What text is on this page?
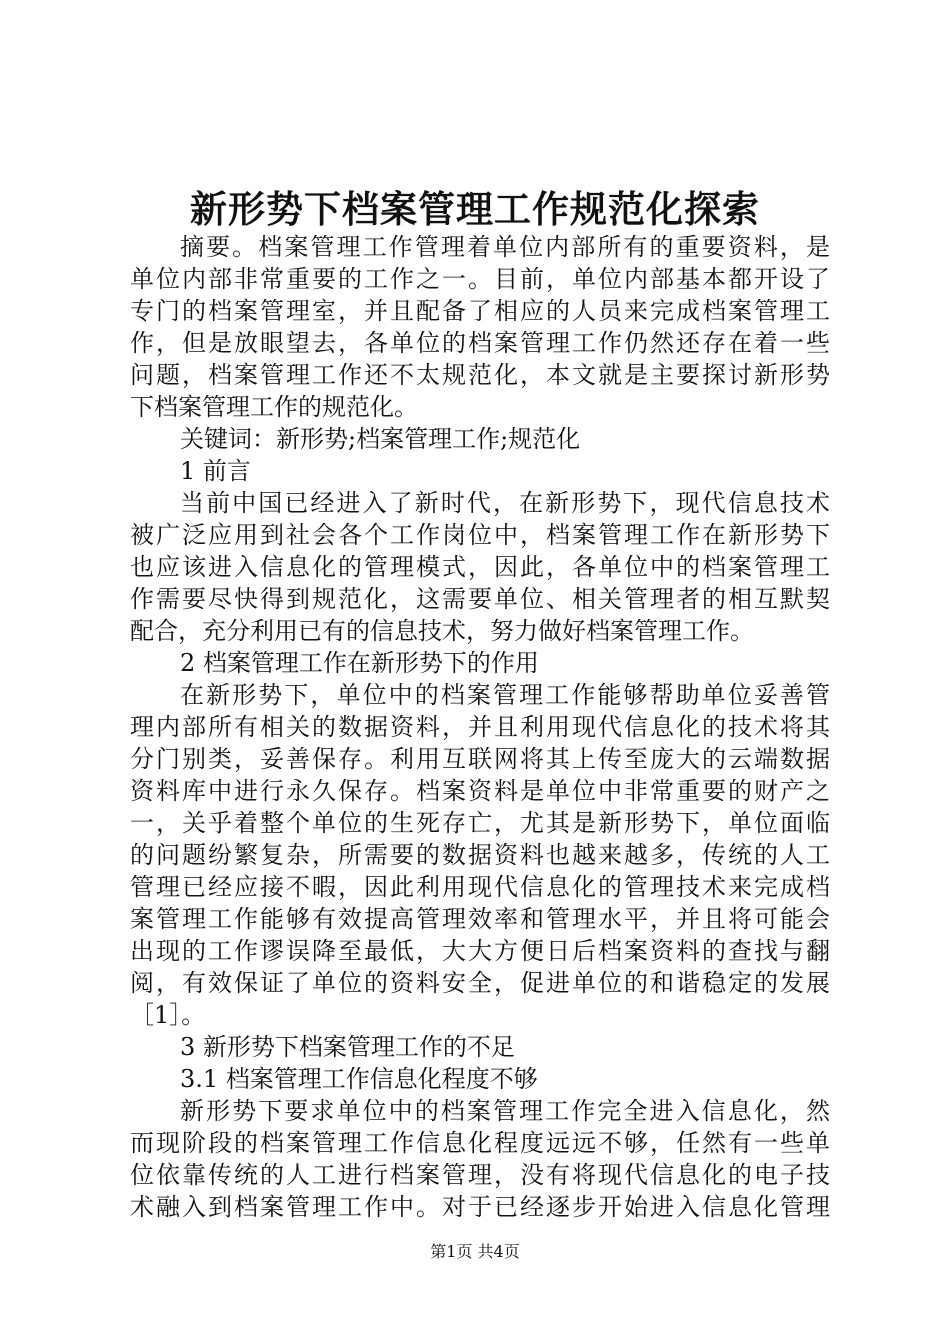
新形势下档案管理工作规范化探索
摘要。档案管理工作管理着单位内部所有的重要资料，是
单位内部非常重要的工作之一。目前，单位内部基本都开设了
专门的档案管理室，并且配备了相应的人员来完成档案管理工
作，但是放眼望去，各单位的档案管理工作仍然还存在着一些
问题，档案管理工作还不太规范化，本文就是主要探讨新形势
下档案管理工作的规范化。
关键词：新形势;档案管理工作;规范化
1 前言
当前中国已经进入了新时代，在新形势下，现代信息技术
被广泛应用到社会各个工作岗位中，档案管理工作在新形势下
也应该进入信息化的管理模式，因此，各单位中的档案管理工
作需要尽快得到规范化，这需要单位、相关管理者的相互默契
配合，充分利用已有的信息技术，努力做好档案管理工作。
2 档案管理工作在新形势下的作用
在新形势下，单位中的档案管理工作能够帮助单位妥善管
理内部所有相关的数据资料，并且利用现代信息化的技术将其
分门别类，妥善保存。利用互联网将其上传至庞大的云端数据
资料库中进行永久保存。档案资料是单位中非常重要的财产之
一，关乎着整个单位的生死存亡，尤其是新形势下，单位面临
的问题纷繁复杂，所需要的数据资料也越来越多，传统的人工
管理已经应接不暇，因此利用现代信息化的管理技术来完成档
案管理工作能够有效提高管理效率和管理水平，并且将可能会
出现的工作谬误降至最低，大大方便日后档案资料的查找与翻
阅，有效保证了单位的资料安全，促进单位的和谐稳定的发展
［1］。
3 新形势下档案管理工作的不足
3.1 档案管理工作信息化程度不够
新形势下要求单位中的档案管理工作完全进入信息化，然
而现阶段的档案管理工作信息化程度远远不够，任然有一些单
位依靠传统的人工进行档案管理，没有将现代信息化的电子技
术融入到档案管理工作中。对于已经逐步开始进入信息化管理
第1页 共4页
